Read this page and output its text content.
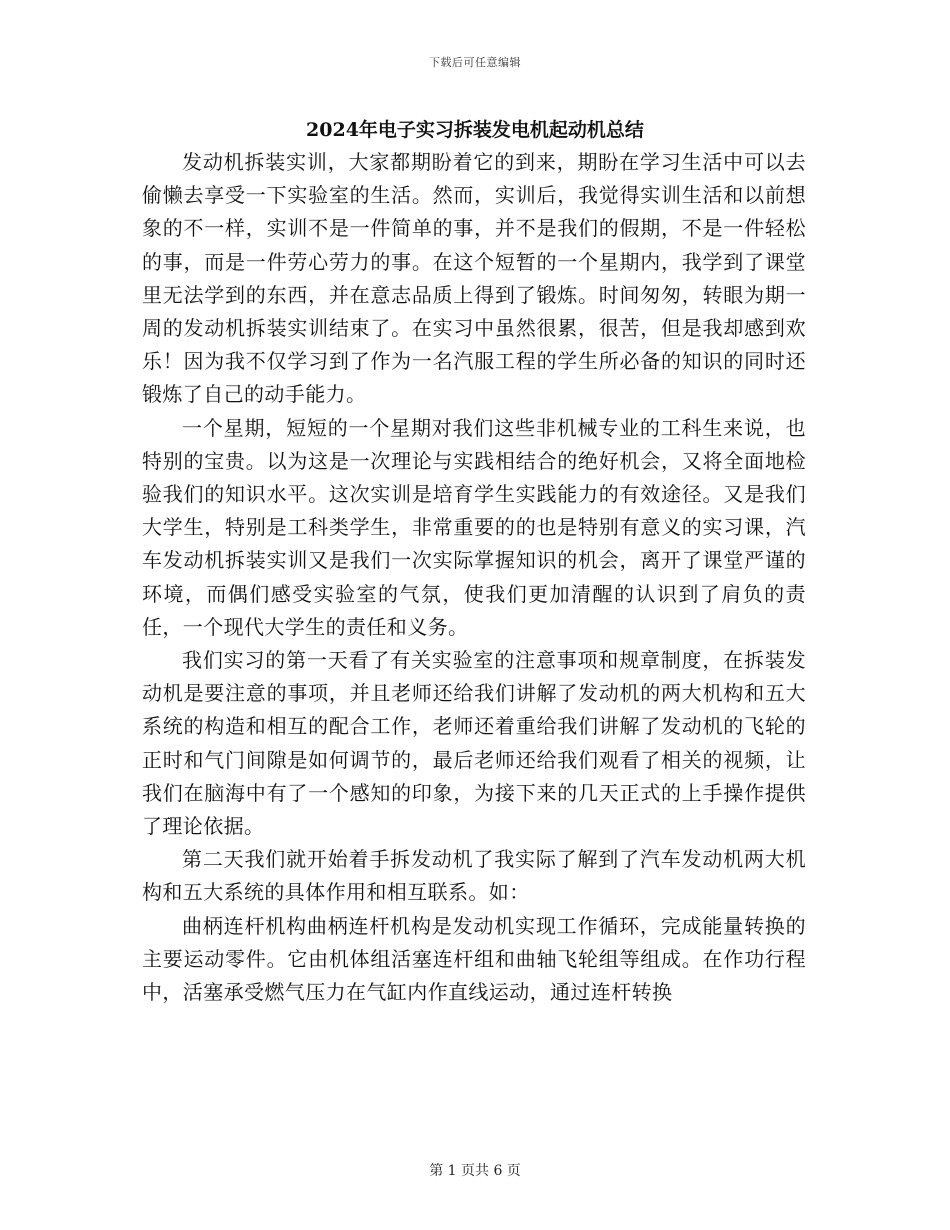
下载后可任意编辑
2024年电子实习拆装发电机起动机总结

发动机拆装实训，大家都期盼着它的到来，期盼在学习生活中可以去偷懒去享受一下实验室的生活。然而，实训后，我觉得实训生活和以前想象的不一样，实训不是一件简单的事，并不是我们的假期，不是一件轻松的事，而是一件劳心劳力的事。在这个短暂的一个星期内，我学到了课堂里无法学到的东西，并在意志品质上得到了锻炼。时间匆匆，转眼为期一周的发动机拆装实训结束了。在实习中虽然很累，很苦，但是我却感到欢乐！因为我不仅学习到了作为一名汽服工程的学生所必备的知识的同时还锻炼了自己的动手能力。

一个星期，短短的一个星期对我们这些非机械专业的工科生来说，也特别的宝贵。以为这是一次理论与实践相结合的绝好机会，又将全面地检验我们的知识水平。这次实训是培育学生实践能力的有效途径。又是我们大学生，特别是工科类学生，非常重要的的也是特别有意义的实习课，汽车发动机拆装实训又是我们一次实际掌握知识的机会，离开了课堂严谨的环境，而偶们感受实验室的气氛，使我们更加清醒的认识到了肩负的责任，一个现代大学生的责任和义务。

我们实习的第一天看了有关实验室的注意事项和规章制度，在拆装发动机是要注意的事项，并且老师还给我们讲解了发动机的两大机构和五大系统的构造和相互的配合工作，老师还着重给我们讲解了发动机的飞轮的正时和气门间隙是如何调节的，最后老师还给我们观看了相关的视频，让我们在脑海中有了一个感知的印象，为接下来的几天正式的上手操作提供了理论依据。

第二天我们就开始着手拆发动机了我实际了解到了汽车发动机两大机构和五大系统的具体作用和相互联系。如：

曲柄连杆机构曲柄连杆机构是发动机实现工作循环，完成能量转换的主要运动零件。它由机体组活塞连杆组和曲轴飞轮组等组成。在作功行程中，活塞承受燃气压力在气缸内作直线运动，通过连杆转换

第 1 页共 6 页
